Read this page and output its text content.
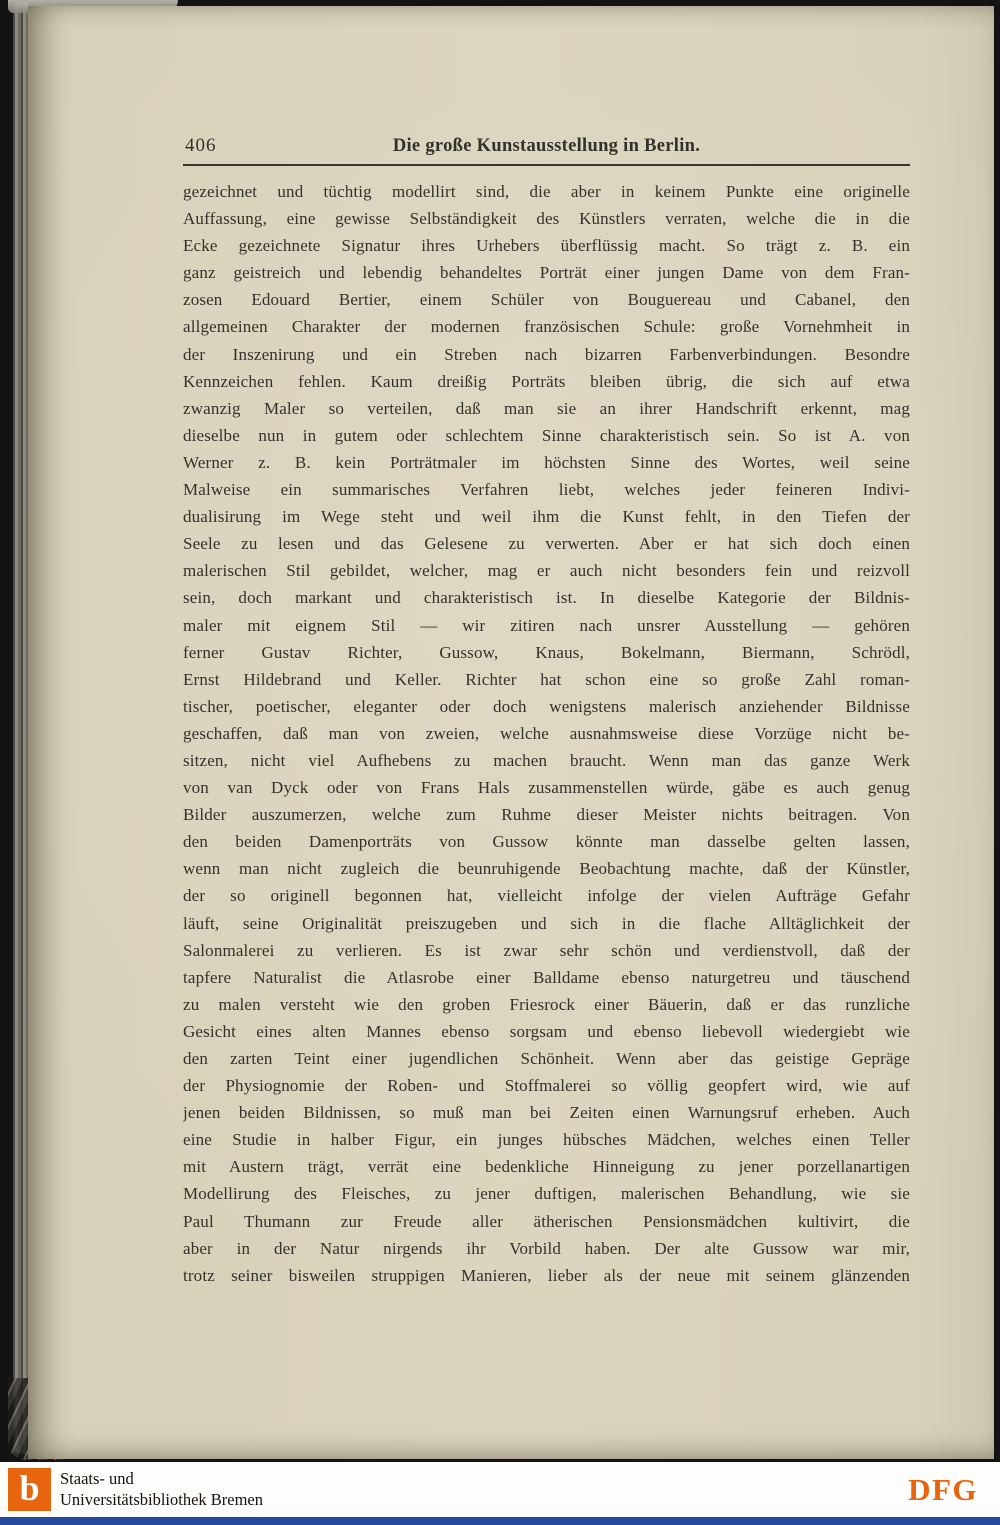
406	Die große Kunstausstellung in Berlin.
gezeichnet und tüchtig modellirt sind, die aber in keinem Punkte eine originelle
Auffassung, eine gewisse Selbständigkeit des Künstlers verraten, welche die in die
Ecke gezeichnete Signatur ihres Urhebers überflüssig macht. So trägt z. B. ein
ganz geistreich und lebendig behandeltes Porträt einer jungen Dame von dem Fran-
zosen Edouard Bertier, einem Schüler von Bouguereau und Cabanel, den
allgemeinen Charakter der modernen französischen Schule: große Vornehmheit in
der Inszenirung und ein Streben nach bizarren Farbenverbindungen. Besondre
Kennzeichen fehlen. Kaum dreißig Porträts bleiben übrig, die sich auf etwa
zwanzig Maler so verteilen, daß man sie an ihrer Handschrift erkennt, mag
dieselbe nun in gutem oder schlechtem Sinne charakteristisch sein. So ist A. von
Werner z. B. kein Porträtmaler im höchsten Sinne des Wortes, weil seine
Malweise ein summarisches Verfahren liebt, welches jeder feineren Indivi-
dualisirung im Wege steht und weil ihm die Kunst fehlt, in den Tiefen der
Seele zu lesen und das Gelesene zu verwerten. Aber er hat sich doch einen
malerischen Stil gebildet, welcher, mag er auch nicht besonders fein und reizvoll
sein, doch markant und charakteristisch ist. In dieselbe Kategorie der Bildnis-
maler mit eignem Stil — wir zitiren nach unsrer Ausstellung — gehören
ferner Gustav Richter, Gussow, Knaus, Bokelmann, Biermann, Schrödl,
Ernst Hildebrand und Keller. Richter hat schon eine so große Zahl roman-
tischer, poetischer, eleganter oder doch wenigstens malerisch anziehender Bildnisse
geschaffen, daß man von zweien, welche ausnahmsweise diese Vorzüge nicht be-
sitzen, nicht viel Aufhebens zu machen braucht. Wenn man das ganze Werk
von van Dyck oder von Frans Hals zusammenstellen würde, gäbe es auch genug
Bilder auszumerzen, welche zum Ruhme dieser Meister nichts beitragen. Von
den beiden Damenporträts von Gussow könnte man dasselbe gelten lassen,
wenn man nicht zugleich die beunruhigende Beobachtung machte, daß der Künstler,
der so originell begonnen hat, vielleicht infolge der vielen Aufträge Gefahr
läuft, seine Originalität preiszugeben und sich in die flache Alltäglichkeit der
Salonmalerei zu verlieren. Es ist zwar sehr schön und verdienstvoll, daß der
tapfere Naturalist die Atlasrobe einer Balldame ebenso naturgetreu und täuschend
zu malen versteht wie den groben Friesrock einer Bäuerin, daß er das runzliche
Gesicht eines alten Mannes ebenso sorgsam und ebenso liebevoll wiedergiebt wie
den zarten Teint einer jugendlichen Schönheit. Wenn aber das geistige Gepräge
der Physiognomie der Roben- und Stoffmalerei so völlig geopfert wird, wie auf
jenen beiden Bildnissen, so muß man bei Zeiten einen Warnungsruf erheben. Auch
eine Studie in halber Figur, ein junges hübsches Mädchen, welches einen Teller
mit Austern trägt, verrät eine bedenkliche Hinneigung zu jener porzellanartigen
Modellirung des Fleisches, zu jener duftigen, malerischen Behandlung, wie sie
Paul Thumann zur Freude aller ätherischen Pensionsmädchen kultivirt, die
aber in der Natur nirgends ihr Vorbild haben. Der alte Gussow war mir,
trotz seiner bisweilen struppigen Manieren, lieber als der neue mit seinem glänzenden
b Staats- und
Universitätsbibliothek Bremen	DFG
